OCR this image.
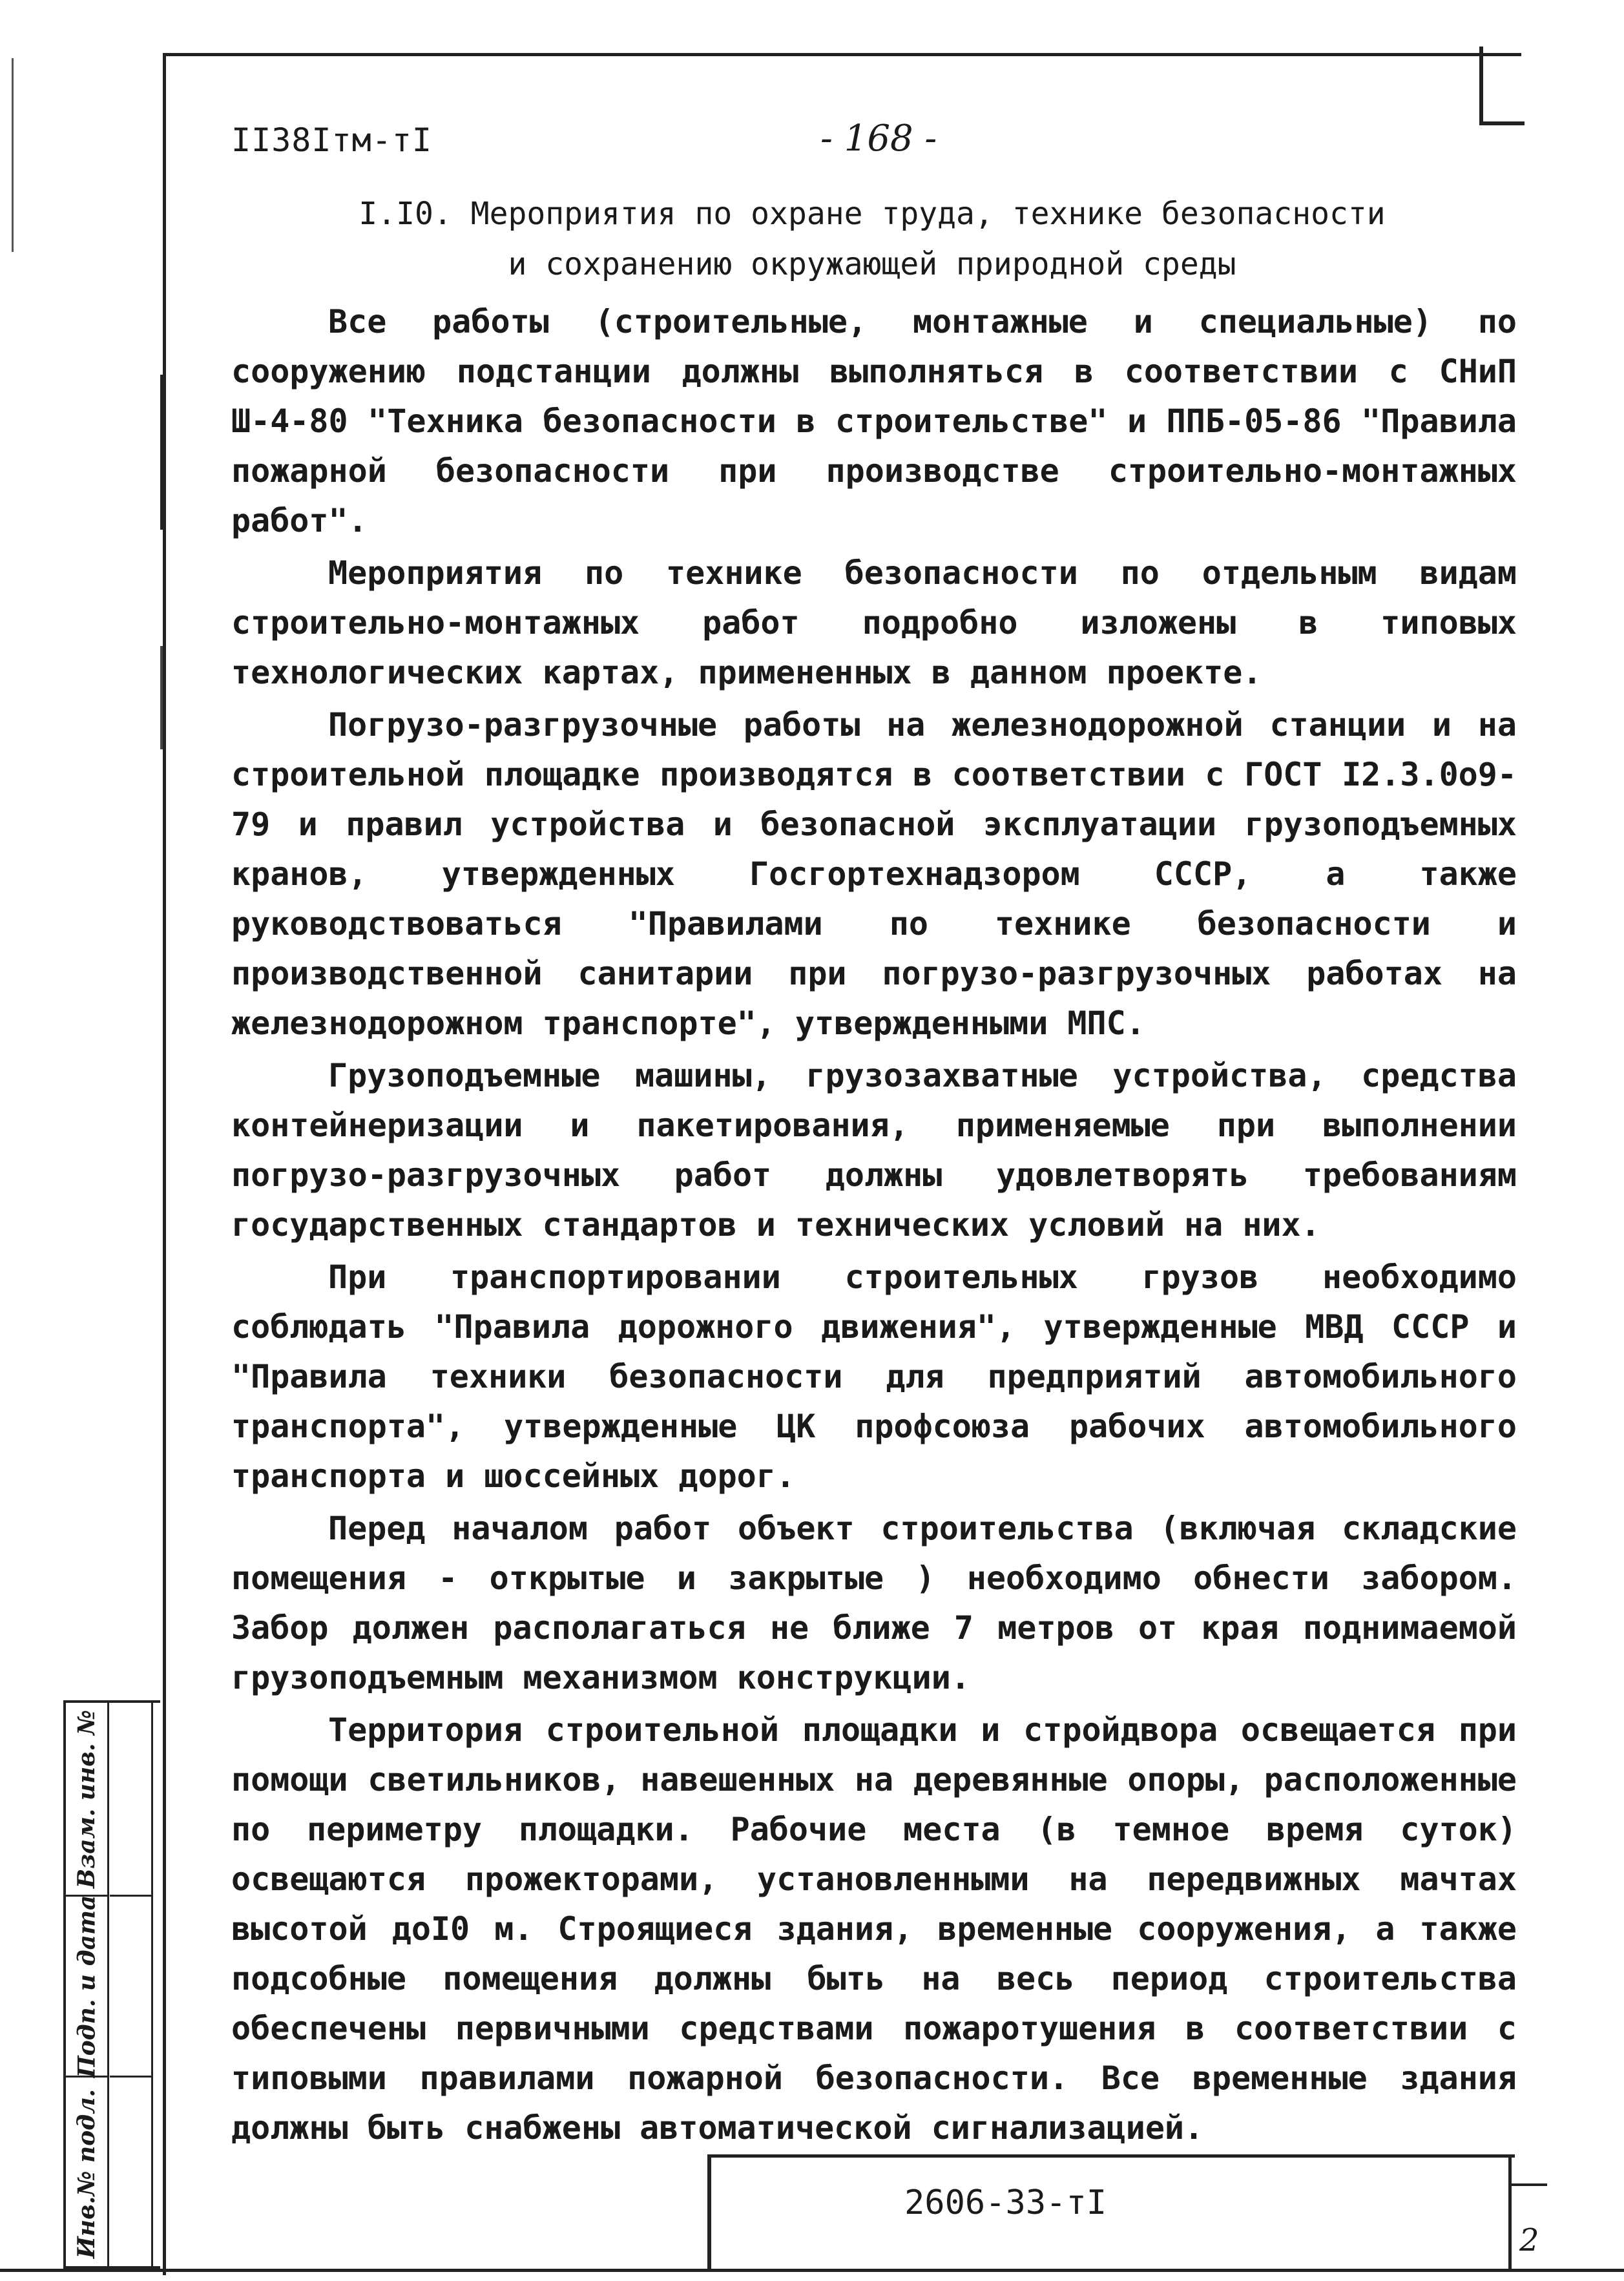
II38Iтм-тI	- 168 -
I.I0. Мероприятия по охране труда, технике безопасности
и сохранению окружающей природной среды

Все работы (строительные, монтажные и специальные) по сооружению подстанции должны выполняться в соответствии с СНиП Ш-4-80 "Техника безопасности в строительстве" и ППБ-05-86 "Правила пожарной безопасности при производстве строительно-монтажных работ".

Мероприятия по технике безопасности по отдельным видам строительно-монтажных работ подробно изложены в типовых технологических картах, примененных в данном проекте.

Погрузо-разгрузочные работы на железнодорожной станции и на строительной площадке производятся в соответствии с ГОСТ I2.3.0о9-79 и правил устройства и безопасной эксплуатации грузоподъемных кранов, утвержденных Госгортехнадзором СССР, а также руководствоваться "Правилами по технике безопасности и производственной санитарии при погрузо-разгрузочных работах на железнодорожном транспорте", утвержденными МПС.

Грузоподъемные машины, грузозахватные устройства, средства контейнеризации и пакетирования, применяемые при выполнении погрузо-разгрузочных работ должны удовлетворять требованиям государственных стандартов и технических условий на них.

При транспортировании строительных грузов необходимо соблюдать "Правила дорожного движения", утвержденные МВД СССР и "Правила техники безопасности для предприятий автомобильного транспорта", утвержденные ЦК профсоюза рабочих автомобильного транспорта и шоссейных дорог.

Перед началом работ объект строительства (включая складские помещения - открытые и закрытые ) необходимо обнести забором. Забор должен располагаться не ближе 7 метров от края поднимаемой грузоподъемным механизмом конструкции.

Территория строительной площадки и стройдвора освещается при помощи светильников, навешенных на деревянные опоры, расположенные по периметру площадки. Рабочие места (в темное время суток) освещаются прожекторами, установленными на передвижных мачтах высотой доI0 м. Строящиеся здания, временные сооружения, а также подсобные помещения должны быть на весь период строительства обеспечены первичными средствами пожаротушения в соответствии с типовыми правилами пожарной безопасности. Все временные здания должны быть снабжены автоматической сигнализацией.

Инв.№ подл.
Подп. и дата
Взам. инв. №
2606-33-тI
2
